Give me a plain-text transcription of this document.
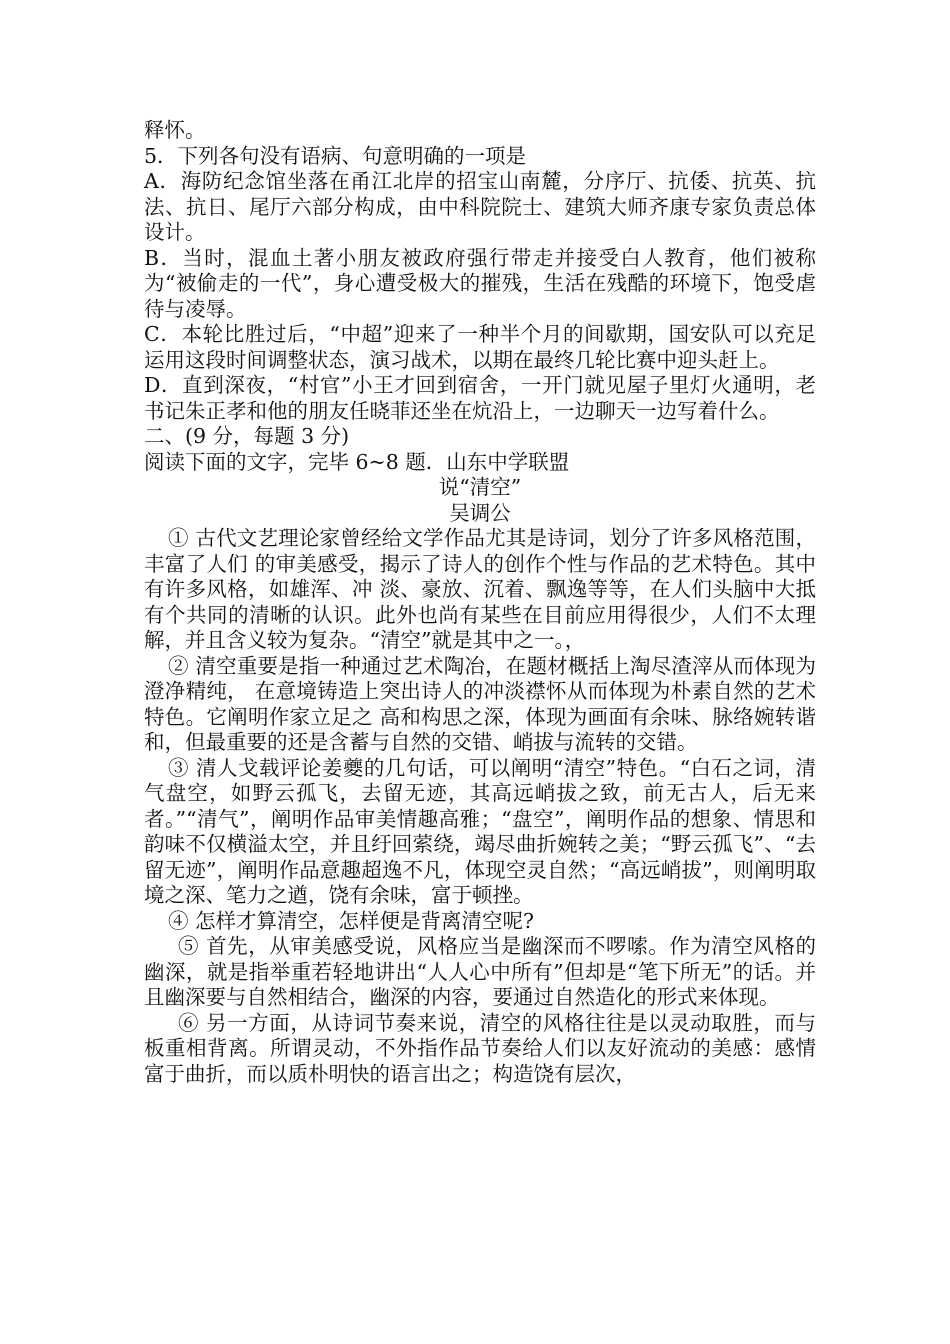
释怀。

5．下列各句没有语病、句意明确的一项是

A．海防纪念馆坐落在甬江北岸的招宝山南麓，分序厅、抗倭、抗英、抗法、抗日、尾厅六部分构成，由中科院院士、建筑大师齐康专家负责总体设计。

B．当时，混血土著小朋友被政府强行带走并接受白人教育，他们被称为“被偷走的一代”，身心遭受极大的摧残，生活在残酷的环境下，饱受虐待与凌辱。

C．本轮比胜过后，“中超”迎来了一种半个月的间歇期，国安队可以充足运用这段时间调整状态，演习战术，以期在最终几轮比赛中迎头赶上。

D．直到深夜，“村官”小王才回到宿舍，一开门就见屋子里灯火通明，老书记朱正孝和他的朋友任晓菲还坐在炕沿上，一边聊天一边写着什么。

二、(9 分，每题 3 分)

阅读下面的文字，完毕 6~8 题．山东中学联盟

说“清空”

吴调公

① 古代文艺理论家曾经给文学作品尤其是诗词，划分了许多风格范围，丰富了人们 的审美感受，揭示了诗人的创作个性与作品的艺术特色。其中有许多风格，如雄浑、冲 淡、豪放、沉着、飘逸等等，在人们头脑中大抵有个共同的清晰的认识。此外也尚有某些在目前应用得很少，人们不太理解，并且含义较为复杂。“清空”就是其中之一。，

② 清空重要是指一种通过艺术陶冶，在题材概括上淘尽渣滓从而体现为澄净精纯， 在意境铸造上突出诗人的冲淡襟怀从而体现为朴素自然的艺术特色。它阐明作家立足之 高和构思之深，体现为画面有余味、脉络婉转谐和，但最重要的还是含蓄与自然的交错、峭拔与流转的交错。

③ 清人戈载评论姜夔的几句话，可以阐明“清空”特色。“白石之词，清气盘空，如野云孤飞，去留无迹，其高远峭拔之致，前无古人，后无来者。”“清气”，阐明作品审美情趣高雅；“盘空”，阐明作品的想象、情思和韵味不仅横溢太空，并且纡回萦绕，竭尽曲折婉转之美；“野云孤飞”、“去留无迹”，阐明作品意趣超逸不凡，体现空灵自然；“高远峭拔”，则阐明取境之深、笔力之遒，饶有余味，富于顿挫。

④ 怎样才算清空，怎样便是背离清空呢?

⑤ 首先，从审美感受说，风格应当是幽深而不啰嗦。作为清空风格的幽深，就是指举重若轻地讲出“人人心中所有”但却是“笔下所无”的话。并且幽深要与自然相结合，幽深的内容，要通过自然造化的形式来体现。

⑥ 另一方面，从诗词节奏来说，清空的风格往往是以灵动取胜，而与板重相背离。所谓灵动，不外指作品节奏给人们以友好流动的美感：感情富于曲折，而以质朴明快的语言出之；构造饶有层次，
